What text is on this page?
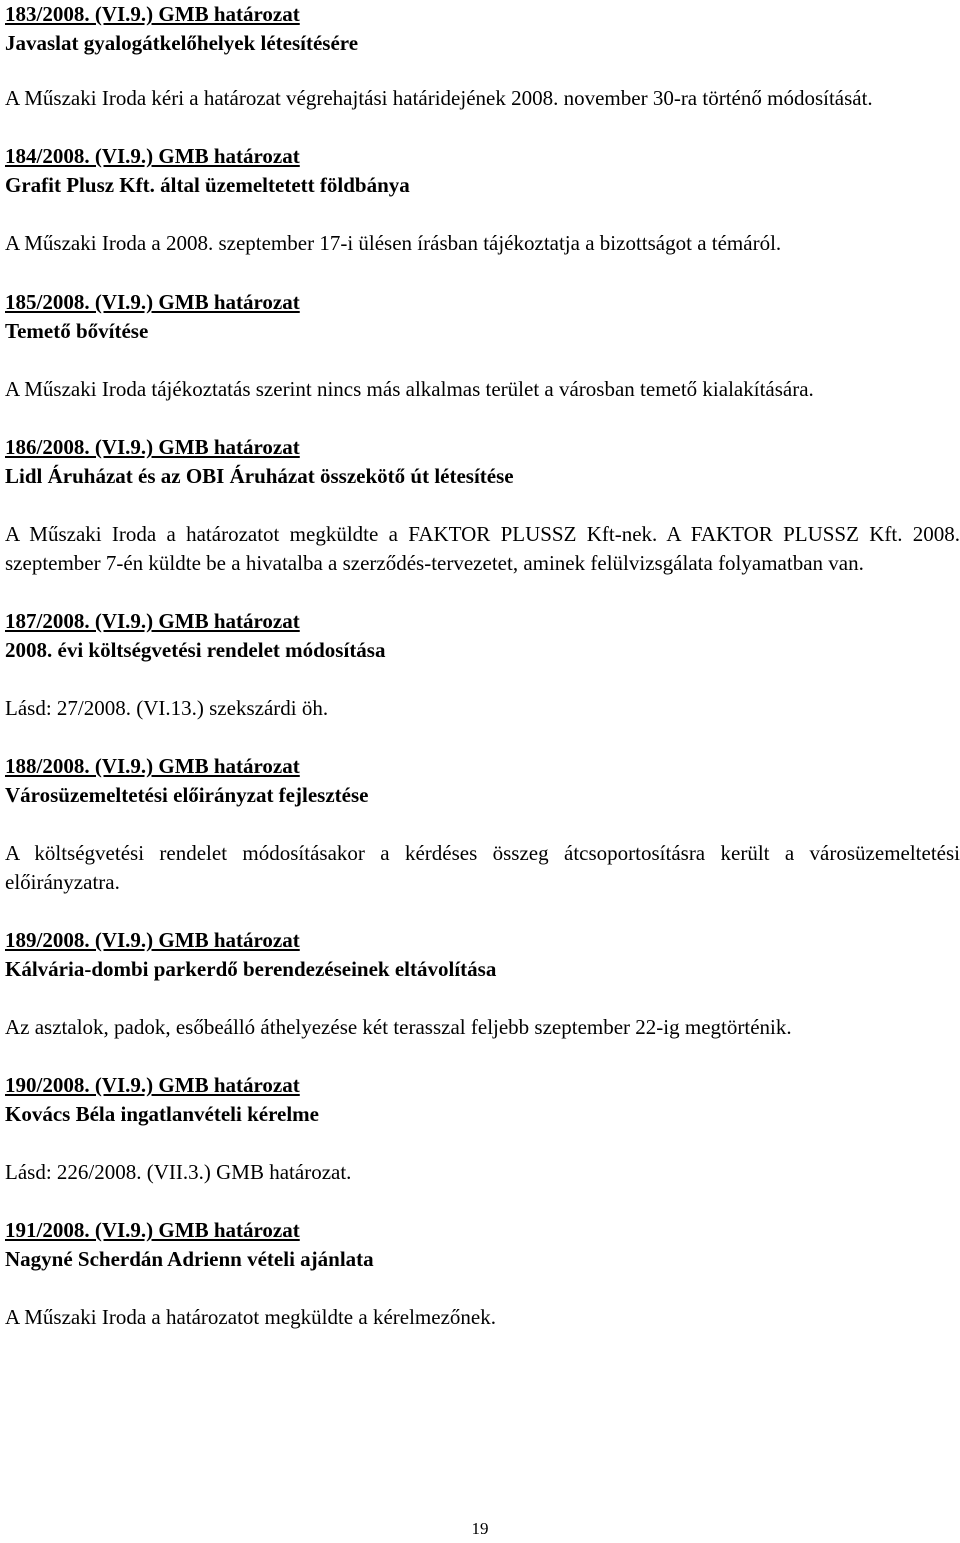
183/2008. (VI.9.) GMB határozat

Javaslat gyalogátkelőhelyek létesítésére

A Műszaki Iroda kéri a határozat végrehajtási határidejének 2008. november 30-ra történő módosítását.

184/2008. (VI.9.) GMB határozat

Grafit Plusz Kft. által üzemeltetett földbánya

A Műszaki Iroda a 2008. szeptember 17-i ülésen írásban tájékoztatja a bizottságot a témáról.

185/2008. (VI.9.) GMB határozat

Temető bővítése

A Műszaki Iroda tájékoztatás szerint nincs más alkalmas terület a városban temető kialakítására.

186/2008. (VI.9.) GMB határozat

Lidl Áruházat és az OBI Áruházat összekötő út létesítése

A Műszaki Iroda a határozatot megküldte a FAKTOR PLUSSZ Kft-nek. A FAKTOR PLUSSZ Kft. 2008. szeptember 7-én küldte be a hivatalba a szerződés-tervezetet, aminek felülvizsgálata folyamatban van.

187/2008. (VI.9.) GMB határozat

2008. évi költségvetési rendelet módosítása

Lásd: 27/2008. (VI.13.) szekszárdi öh.

188/2008. (VI.9.) GMB határozat

Városüzemeltetési előirányzat fejlesztése

A költségvetési rendelet módosításakor a kérdéses összeg átcsoportosításra került a városüzemeltetési előirányzatra.

189/2008. (VI.9.) GMB határozat

Kálvária-dombi parkerdő berendezéseinek eltávolítása

Az asztalok, padok, esőbeálló áthelyezése két terasszal feljebb szeptember 22-ig megtörténik.

190/2008. (VI.9.) GMB határozat

Kovács Béla ingatlanvételi kérelme

Lásd: 226/2008. (VII.3.) GMB határozat.

191/2008. (VI.9.) GMB határozat

Nagyné Scherdán Adrienn vételi ajánlata

A Műszaki Iroda a határozatot megküldte a kérelmezőnek.

19
